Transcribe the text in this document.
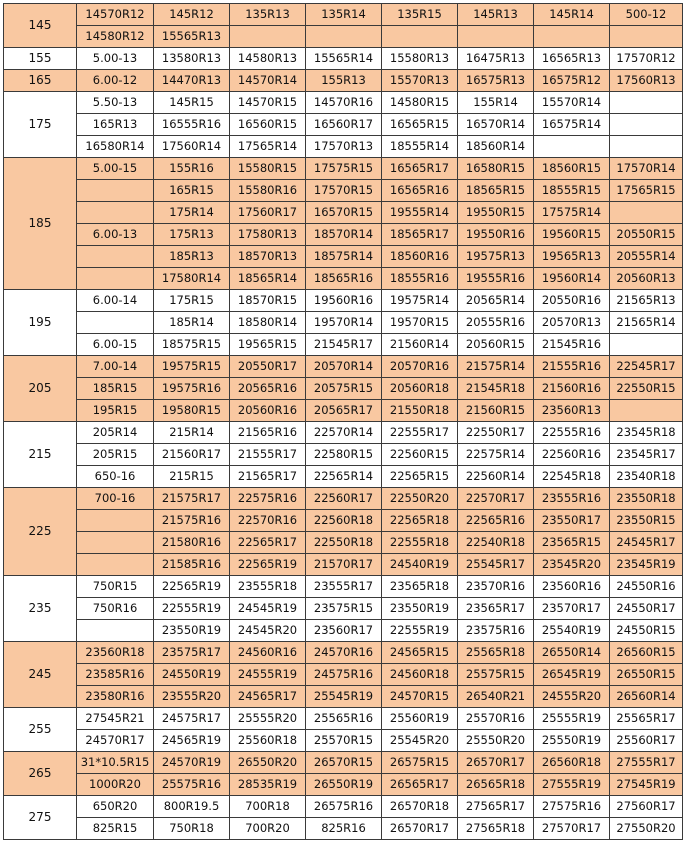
145	14570R12	145R12	135R13	135R14	135R15	145R13	145R14	500-12
	14580R12	15565R13						
155	5.00-13	13580R13	14580R13	15565R14	15580R13	16475R13	16565R13	17570R12
165	6.00-12	14470R13	14570R14	155R13	15570R13	16575R13	16575R12	17560R13
175	5.50-13	145R15	14570R15	14570R16	14580R15	155R14	15570R14	
	165R13	16555R16	16560R15	16560R17	16565R15	16570R14	16575R14	
	16580R14	17560R14	17565R14	17570R13	18555R14	18560R14		
185	5.00-15	155R16	15580R15	17575R15	16565R17	16580R15	18560R15	17570R14
		165R15	15580R16	17570R15	16565R16	18565R15	18555R15	17565R15
		175R14	17560R17	16570R15	19555R14	19550R15	17575R14	
	6.00-13	175R13	17580R13	18570R14	18565R17	19550R16	19560R15	20550R15
		185R13	18570R13	18575R14	18560R16	19575R13	19565R13	20555R14
		17580R14	18565R14	18565R16	18555R16	19555R16	19560R14	20560R13
195	6.00-14	175R15	18570R15	19560R16	19575R14	20565R14	20550R16	21565R13
		185R14	18580R14	19570R14	19570R15	20555R16	20570R13	21565R14
	6.00-15	18575R15	19565R15	21545R17	21560R14	20560R15	21545R16	
205	7.00-14	19575R15	20550R17	20570R14	20570R16	21575R14	21555R16	22545R17
	185R15	19575R16	20565R16	20575R15	20560R18	21545R18	21560R16	22550R15
	195R15	19580R15	20560R16	20565R17	21550R18	21560R15	23560R13	
215	205R14	215R14	21565R16	22570R14	22555R17	22550R17	22555R16	23545R18
	205R15	21560R17	21555R17	22580R15	22560R15	22575R14	22560R16	23545R17
	650-16	215R15	21565R17	22565R14	22565R15	22560R14	22545R18	23540R18
225	700-16	21575R17	22575R16	22560R17	22550R20	22570R17	23555R16	23550R18
		21575R16	22570R16	22560R18	22565R18	22565R16	23550R17	23550R15
		21580R16	22565R17	22550R18	22555R18	22540R18	23565R15	24545R17
		21585R16	22565R19	21570R17	24540R19	25545R17	23545R20	23545R19
235	750R15	22565R19	23555R18	23555R17	23565R18	23570R16	23560R16	24550R16
	750R16	22555R19	24545R19	23575R15	23550R19	23565R17	23570R17	24550R17
		23550R19	24545R20	23560R17	22555R19	23575R16	25540R19	24550R15
245	23560R18	23575R17	24560R16	24570R16	24565R15	25565R18	26550R14	26560R15
	23585R16	24550R19	24555R19	24575R16	24560R18	25575R15	26545R19	26550R15
	23580R16	23555R20	24565R17	25545R19	24570R15	26540R21	24555R20	26560R14
255	27545R21	24575R17	25555R20	25565R16	25560R19	25570R16	25555R19	25565R17
	24570R17	24565R19	25560R18	25570R15	25545R20	25550R20	25550R19	25560R17
265	31*10.5R15	24570R19	26550R20	26570R15	26575R15	26570R17	26560R18	27555R17
	1000R20	25575R16	28535R19	26550R19	26565R17	26565R18	27555R19	27545R19
275	650R20	800R19.5	700R18	26575R16	26570R18	27565R17	27575R16	27560R17
	825R15	750R18	700R20	825R16	26570R17	27565R18	27570R17	27550R20
